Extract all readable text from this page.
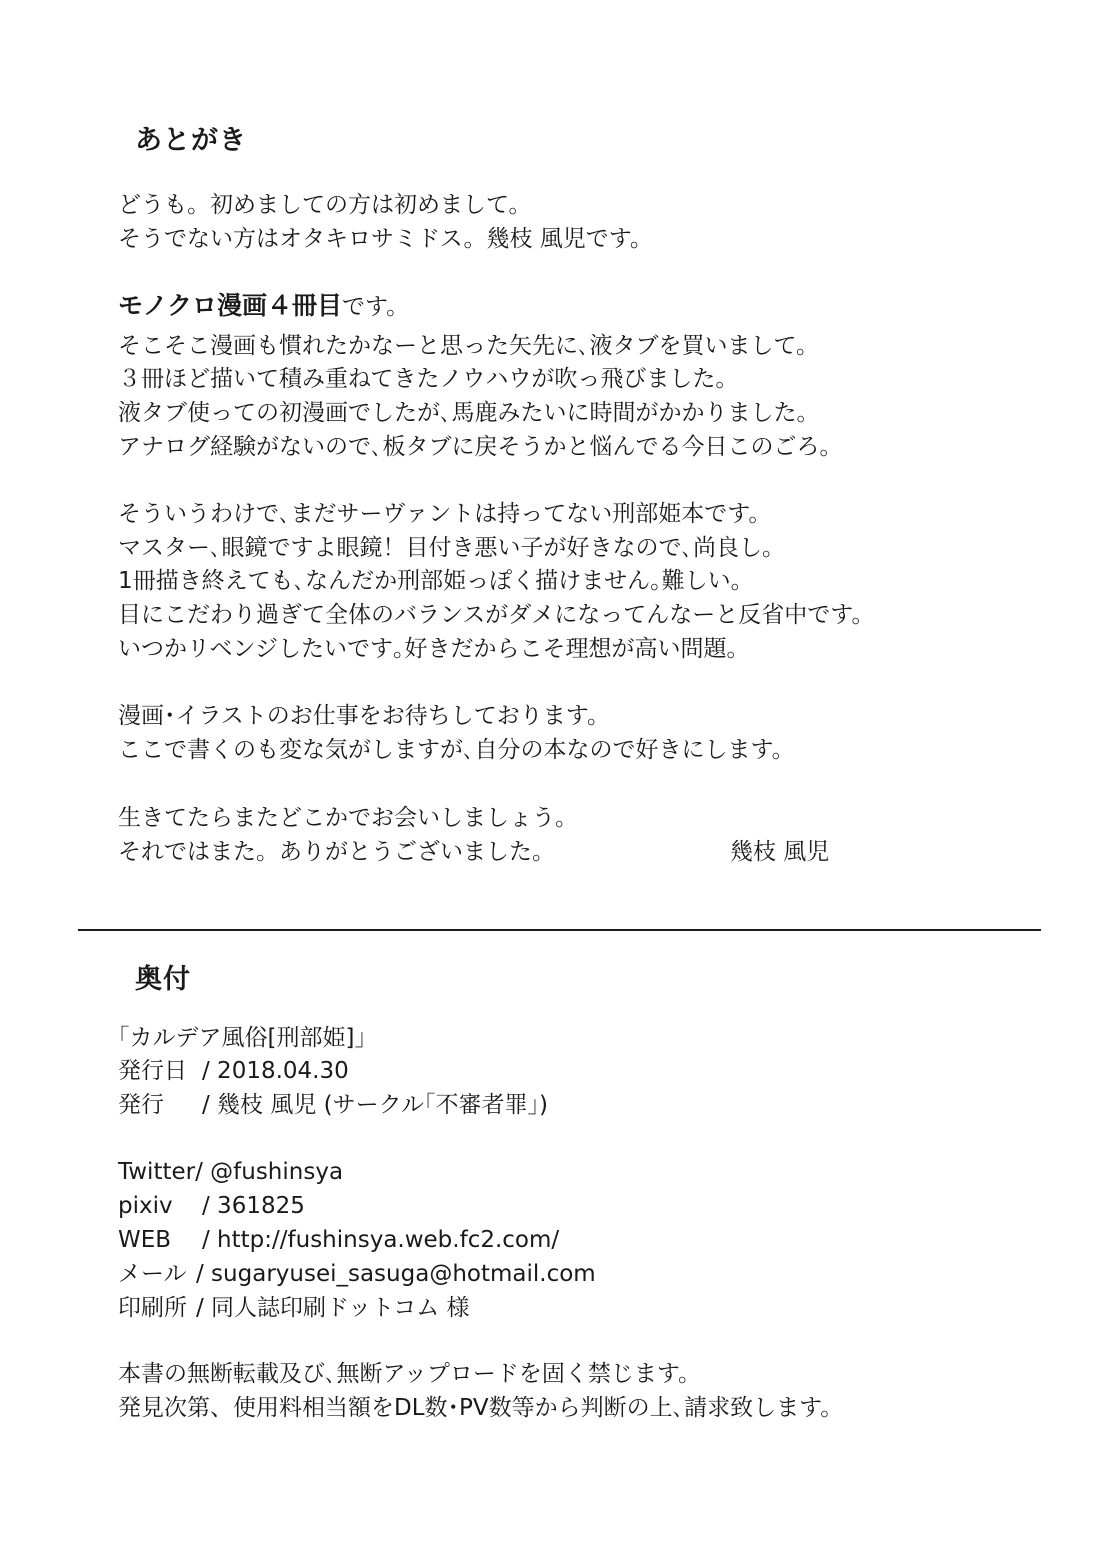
あとがき
どうも。初めましての方は初めまして。
そうでない方はオタキロサミドス。幾枝 風児です。
モノクロ漫画４冊目です。
そこそこ漫画も慣れたかなーと思った矢先に､液タブを買いまして。
３冊ほど描いて積み重ねてきたノウハウが吹っ飛びました。
液タブ使っての初漫画でしたが､馬鹿みたいに時間がかかりました。
アナログ経験がないので､板タブに戻そうかと悩んでる今日このごろ。
そういうわけで､まだサーヴァントは持ってない刑部姫本です。
マスター､眼鏡ですよ眼鏡！目付き悪い子が好きなので､尚良し。
1冊描き終えても､なんだか刑部姫っぽく描けません｡難しい。
目にこだわり過ぎて全体のバランスがダメになってんなーと反省中です。
いつかリベンジしたいです｡好きだからこそ理想が高い問題。
漫画･イラストのお仕事をお待ちしております。
ここで書くのも変な気がしますが､自分の本なので好きにします。
生きてたらまたどこかでお会いしましょう。
それではまた。ありがとうございました。	幾枝 風児
奥付
｢カルデア風俗[刑部姫]｣
発行日 / 2018.04.30
発行 / 幾枝 風児 (サークル｢不審者罪｣)
Twitter/ @fushinsya
pixiv / 361825
WEB / http://fushinsya.web.fc2.com/
メール / sugaryusei_sasuga@hotmail.com
印刷所 / 同人誌印刷ドットコム 様
本書の無断転載及び､無断アップロードを固く禁じます。
発見次第、使用料相当額をDL数･PV数等から判断の上､請求致します。
